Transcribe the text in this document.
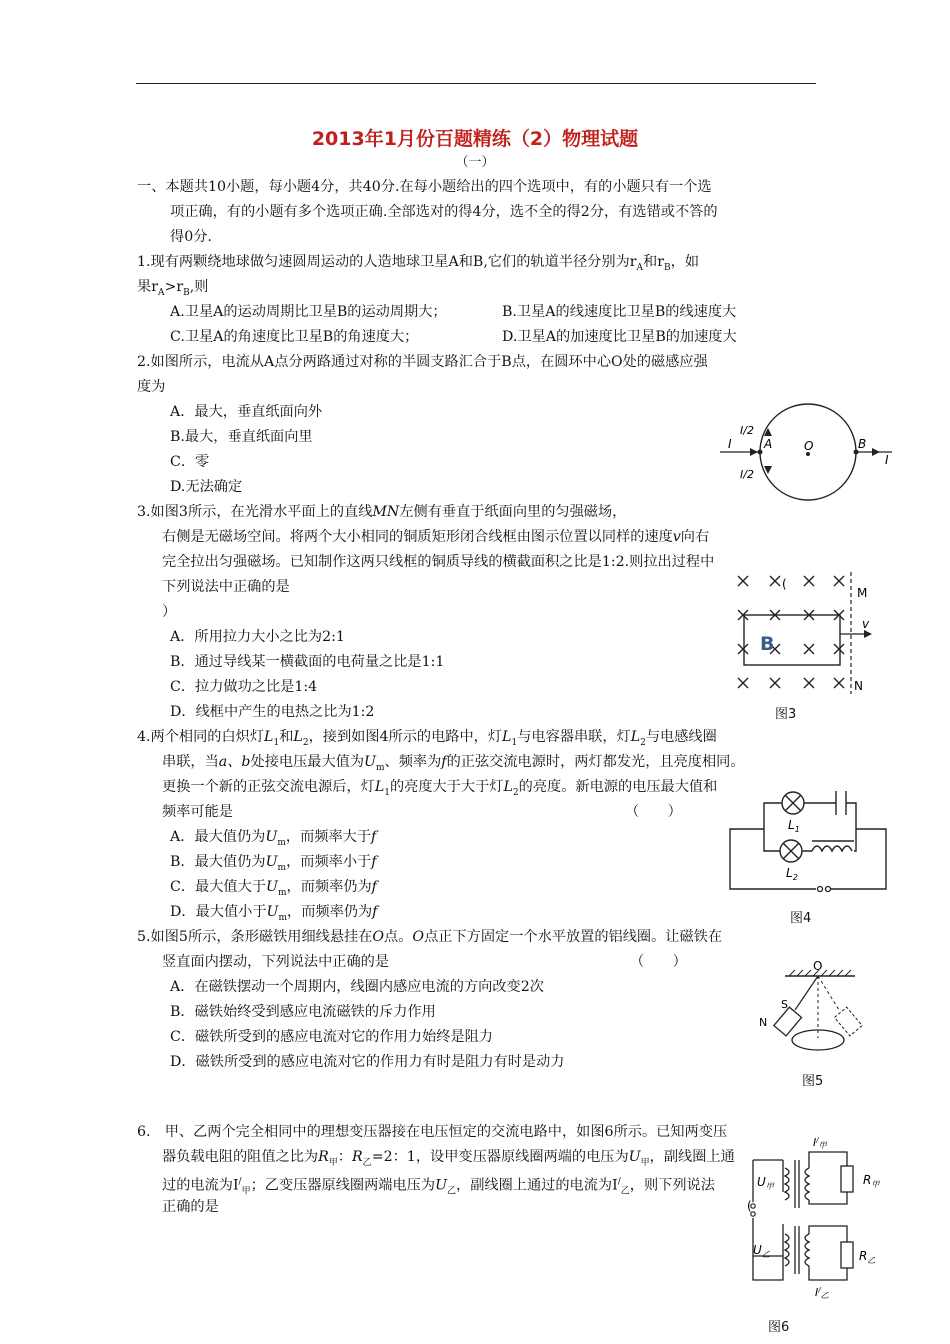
2013年1月份百题精练（2）物理试题
（一）
一、本题共10小题，每小题4分，共40分.在每小题给出的四个选项中，有的小题只有一个选
项正确，有的小题有多个选项正确.全部选对的得4分，选不全的得2分，有选错或不答的
得0分.
1.现有两颗绕地球做匀速圆周运动的人造地球卫星A和B,它们的轨道半径分别为$r_A$和$r_B$，如
果$r_A>r_B$,则
A.卫星A的运动周期比卫星B的运动周期大；	B.卫星A的线速度比卫星B的线速度大
C.卫星A的角速度比卫星B的角速度大；	D.卫星A的加速度比卫星B的加速度大
2.如图所示，电流从A点分两路通过对称的半圆支路汇合于B点，在圆环中心O处的磁感应强
度为
A．最大，垂直纸面向外
B.最大，垂直纸面向里
C．零
D.无法确定
I/2
I/2
I
I
A	B
O
3.如图3所示，在光滑水平面上的直线MN左侧有垂直于纸面向里的匀强磁场，
右侧是无磁场空间。将两个大小相同的铜质矩形闭合线框由图示位置以同样的速度v向右
完全拉出匀强磁场。已知制作这两只线框的铜质导线的横截面积之比是1:2.则拉出过程中
下列说法中正确的是
）
A．所用拉力大小之比为2:1
B．通过导线某一横截面的电荷量之比是1:1
C．拉力做功之比是1:4
D．线框中产生的电热之比为1:2
B
(
M
N
v
图3
4.两个相同的白炽灯$L_1$和$L_2$，接到如图4所示的电路中，灯$L_1$与电容器串联，灯$L_2$与电感线圈
串联，当a、b处接电压最大值为$U_m$、频率为f的正弦交流电源时，两灯都发光，且亮度相同。
更换一个新的正弦交流电源后，灯$L_1$的亮度大于大于灯$L_2$的亮度。新电源的电压最大值和
频率可能是	（　　）
A．最大值仍为$U_m$，而频率大于f
B．最大值仍为$U_m$，而频率小于f
C．最大值大于$U_m$，而频率仍为f
D．最大值小于$U_m$，而频率仍为f
$L_1$
$L_2$
图4
5.如图5所示，条形磁铁用细线悬挂在O点。O点正下方固定一个水平放置的铝线圈。让磁铁在
竖直面内摆动，下列说法中正确的是	（　　）
A．在磁铁摆动一个周期内，线圈内感应电流的方向改变2次
B．磁铁始终受到感应电流磁铁的斥力作用
C．磁铁所受到的感应电流对它的作用力始终是阻力
D．磁铁所受到的感应电流对它的作用力有时是阻力有时是动力
O
S
N
图5
6.　甲、乙两个完全相同中的理想变压器接在电压恒定的交流电路中，如图6所示。已知两变压
器负载电阻的阻值之比为$R_甲$：$R_乙=2$：1，设甲变压器原线圈两端的电压为$U_甲$，副线圈上通
过的电流为$I^/_甲$；乙变压器原线圈两端电压为$U_乙$，副线圈上通过的电流为$I^/_乙$，则下列说法
正确的是
$I^/_甲$
$R_甲$
$U_甲$
(
$U_乙$	$R_乙$
$I^/_乙$
图6
